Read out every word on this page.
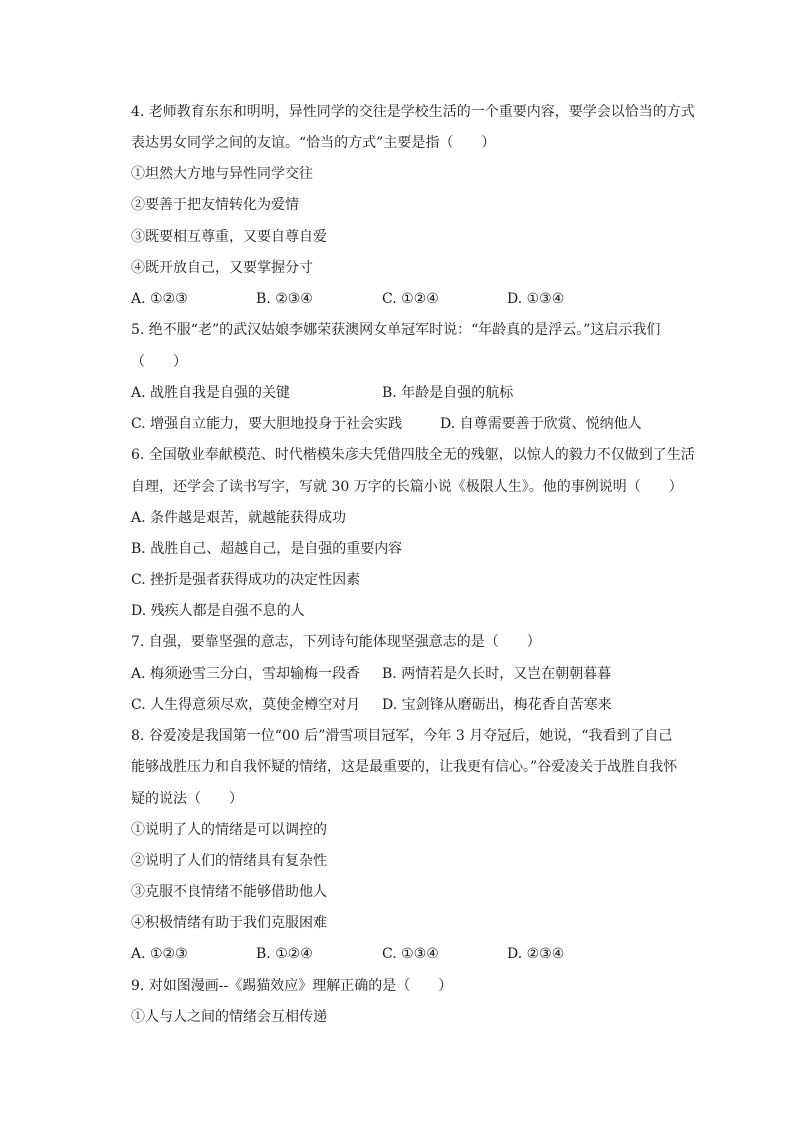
4. 老师教育东东和明明，异性同学的交往是学校生活的一个重要内容，要学会以恰当的方式
表达男女同学之间的友谊。“恰当的方式”主要是指（　　）
①坦然大方地与异性同学交往
②要善于把友情转化为爱情
③既要相互尊重，又要自尊自爱
④既开放自己，又要掌握分寸
A. ①②③	B. ②③④	C. ①②④	D. ①③④
5. 绝不服“老”的武汉姑娘李娜荣获澳网女单冠军时说：“年龄真的是浮云。”这启示我们
（　　）
A. 战胜自我是自强的关键	B. 年龄是自强的航标
C. 增强自立能力，要大胆地投身于社会实践	D. 自尊需要善于欣赏、悦纳他人
6. 全国敬业奉献模范、时代楷模朱彦夫凭借四肢全无的残躯，以惊人的毅力不仅做到了生活
自理，还学会了读书写字，写就 30 万字的长篇小说《极限人生》。他的事例说明（　　）
A. 条件越是艰苦，就越能获得成功
B. 战胜自己、超越自己，是自强的重要内容
C. 挫折是强者获得成功的决定性因素
D. 残疾人都是自强不息的人
7. 自强，要靠坚强的意志，下列诗句能体现坚强意志的是（　　）
A. 梅须逊雪三分白，雪却输梅一段香 B. 两情若是久长时，又岂在朝朝暮暮
C. 人生得意须尽欢，莫使金樽空对月 D. 宝剑锋从磨砺出，梅花香自苦寒来
8. 谷爱凌是我国第一位“00 后”滑雪项目冠军，今年 3 月夺冠后，她说，“我看到了自己
能够战胜压力和自我怀疑的情绪，这是最重要的，让我更有信心。”谷爱凌关于战胜自我怀
疑的说法（　　）
①说明了人的情绪是可以调控的
②说明了人们的情绪具有复杂性
③克服不良情绪不能够借助他人
④积极情绪有助于我们克服困难
A. ①②③	B. ①②④	C. ①③④	D. ②③④
9. 对如图漫画--《踢猫效应》理解正确的是（　　）
①人与人之间的情绪会互相传递
